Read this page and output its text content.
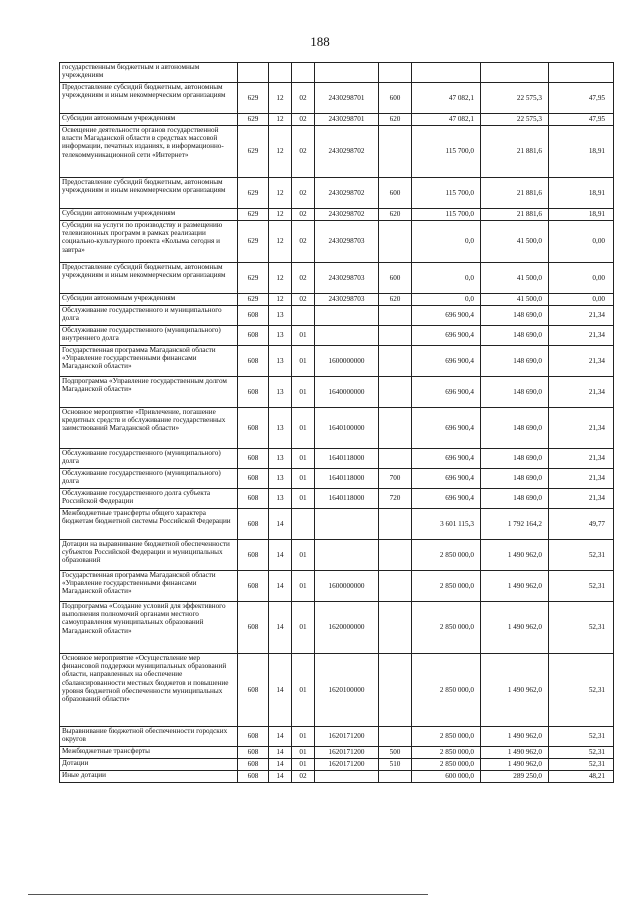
188
государственным бюджетным и автономным учреждениям								
Предоставление субсидий бюджетным, автономным учреждениям и иным некоммерческим организациям	629	12	02	2430298701	600	47 082,1	22 575,3	47,95
Субсидии автономным учреждениям	629	12	02	2430298701	620	47 082,1	22 575,3	47,95
Освещение деятельности органов государственной власти Магаданской области в средствах массовой информации, печатных изданиях, в информационно-телекоммуникационной сети «Интернет»	629	12	02	2430298702		115 700,0	21 881,6	18,91
Предоставление субсидий бюджетным, автономным учреждениям и иным некоммерческим организациям	629	12	02	2430298702	600	115 700,0	21 881,6	18,91
Субсидии автономным учреждениям	629	12	02	2430298702	620	115 700,0	21 881,6	18,91
Субсидии на услуги по производству и размещению телевизионных программ в рамках реализации социально-культурного проекта «Колыма сегодня и завтра»	629	12	02	2430298703		0,0	41 500,0	0,00
Предоставление субсидий бюджетным, автономным учреждениям и иным некоммерческим организациям	629	12	02	2430298703	600	0,0	41 500,0	0,00
Субсидии автономным учреждениям	629	12	02	2430298703	620	0,0	41 500,0	0,00
Обслуживание государственного и муниципального долга	608	13				696 900,4	148 690,0	21,34
Обслуживание государственного (муниципального) внутреннего долга	608	13	01			696 900,4	148 690,0	21,34
Государственная программа Магаданской области «Управление государственными финансами Магаданской области»	608	13	01	1600000000		696 900,4	148 690,0	21,34
Подпрограмма «Управление государственным долгом Магаданской области»	608	13	01	1640000000		696 900,4	148 690,0	21,34
Основное мероприятие «Привлечение, погашение кредитных средств и обслуживание государственных заимствований Магаданской области»	608	13	01	1640100000		696 900,4	148 690,0	21,34
Обслуживание государственного (муниципального) долга	608	13	01	1640118000		696 900,4	148 690,0	21,34
Обслуживание государственного (муниципального) долга	608	13	01	1640118000	700	696 900,4	148 690,0	21,34
Обслуживание государственного долга субъекта Российской Федерации	608	13	01	1640118000	720	696 900,4	148 690,0	21,34
Межбюджетные трансферты общего характера бюджетам бюджетной системы Российской Федерации	608	14				3 601 115,3	1 792 164,2	49,77
Дотации на выравнивание бюджетной обеспеченности субъектов Российской Федерации и муниципальных образований	608	14	01			2 850 000,0	1 490 962,0	52,31
Государственная программа Магаданской области «Управление государственными финансами Магаданской области»	608	14	01	1600000000		2 850 000,0	1 490 962,0	52,31
Подпрограмма «Создание условий для эффективного выполнения полномочий органами местного самоуправления муниципальных образований Магаданской области»	608	14	01	1620000000		2 850 000,0	1 490 962,0	52,31
Основное мероприятие «Осуществление мер финансовой поддержки муниципальных образований области, направленных на обеспечение сбалансированности местных бюджетов и повышение уровня бюджетной обеспеченности муниципальных образований области»	608	14	01	1620100000		2 850 000,0	1 490 962,0	52,31
Выравнивание бюджетной обеспеченности городских округов	608	14	01	1620171200		2 850 000,0	1 490 962,0	52,31
Межбюджетные трансферты	608	14	01	1620171200	500	2 850 000,0	1 490 962,0	52,31
Дотации	608	14	01	1620171200	510	2 850 000,0	1 490 962,0	52,31
Иные дотации	608	14	02			600 000,0	289 250,0	48,21
